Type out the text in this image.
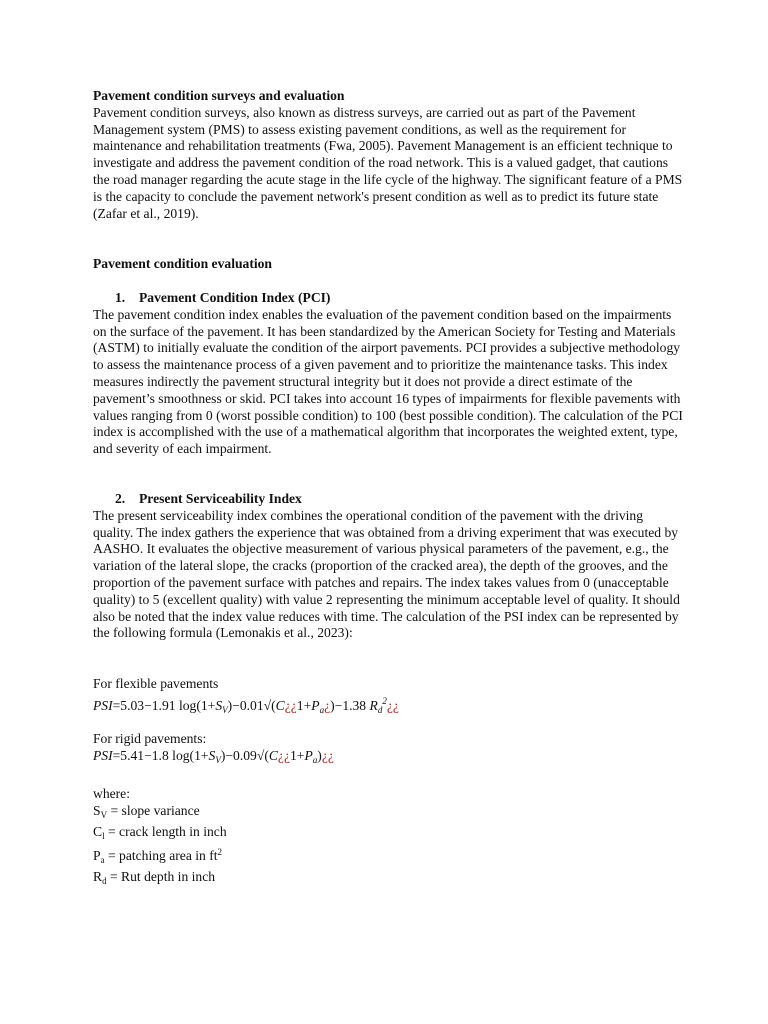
Pavement condition surveys and evaluation

Pavement condition surveys, also known as distress surveys, are carried out as part of the Pavement Management system (PMS) to assess existing pavement conditions, as well as the requirement for maintenance and rehabilitation treatments (Fwa, 2005). Pavement Management is an efficient technique to investigate and address the pavement condition of the road network. This is a valued gadget, that cautions the road manager regarding the acute stage in the life cycle of the highway. The significant feature of a PMS is the capacity to conclude the pavement network's present condition as well as to predict its future state (Zafar et al., 2019).

Pavement condition evaluation

1. Pavement Condition Index (PCI)

The pavement condition index enables the evaluation of the pavement condition based on the impairments on the surface of the pavement. It has been standardized by the American Society for Testing and Materials (ASTM) to initially evaluate the condition of the airport pavements. PCI provides a subjective methodology to assess the maintenance process of a given pavement and to prioritize the maintenance tasks. This index measures indirectly the pavement structural integrity but it does not provide a direct estimate of the pavement’s smoothness or skid. PCI takes into account 16 types of impairments for flexible pavements with values ranging from 0 (worst possible condition) to 100 (best possible condition). The calculation of the PCI index is accomplished with the use of a mathematical algorithm that incorporates the weighted extent, type, and severity of each impairment.

2. Present Serviceability Index

The present serviceability index combines the operational condition of the pavement with the driving quality. The index gathers the experience that was obtained from a driving experiment that was executed by AASHO. It evaluates the objective measurement of various physical parameters of the pavement, e.g., the variation of the lateral slope, the cracks (proportion of the cracked area), the depth of the grooves, and the proportion of the pavement surface with patches and repairs. The index takes values from 0 (unacceptable quality) to 5 (excellent quality) with value 2 representing the minimum acceptable level of quality. It should also be noted that the index value reduces with time. The calculation of the PSI index can be represented by the following formula (Lemonakis et al., 2023):

For flexible pavements

PSI=5.03−1.91 $\log(1+S_V)-0.01√(C¿¿1+P_a¿)-1.38$ $R_d^2¿¿$

For rigid pavements:

PSI=5.41−1.8 $\log(1+S_V)-0.09√(C¿¿1+P_a)¿¿$

where:

$S_V$ = slope variance

$C_l$ = crack length in inch

$P_a$ = patching area in $ft^2$

$R_d$ = Rut depth in inch
